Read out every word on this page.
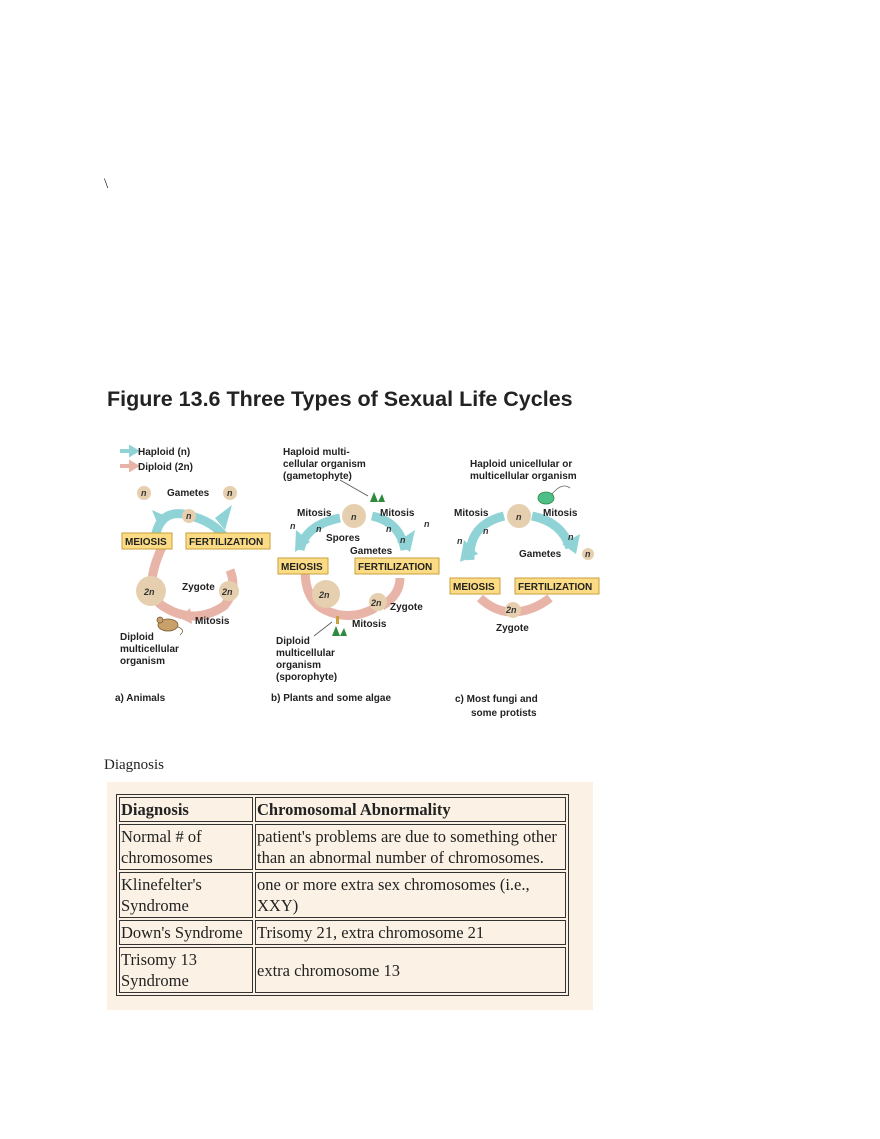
\
Figure 13.6 Three Types of Sexual Life Cycles
Haploid (n)
Diploid (2n)
n	n
n
Gametes
MEIOSIS FERTILIZATION
2n	2n
Zygote
Mitosis
Diploid
multicellular
organism
a) Animals
Haploid multi-
cellular organism
(gametophyte)
n
Mitosis	Mitosis
n n	n	n
n
Spores
Gametes
MEIOSIS	FERTILIZATION
2n
2n Zygote
Mitosis
Diploid
multicellular
organism
(sporophyte)
b) Plants and some algae
Haploid unicellular or
multicellular organism
n
Mitosis	Mitosis
n
n	n
n
Gametes
MEIOSIS FERTILIZATION
2n
Zygote
c) Most fungi and
some protists
Diagnosis
Diagnosis	Chromosomal Abnormality
Normal # of chromosomes	patient's problems are due to something other than an abnormal number of chromosomes.
Klinefelter's Syndrome	one or more extra sex chromosomes (i.e., XXY)
Down's Syndrome	Trisomy 21, extra chromosome 21
Trisomy 13 Syndrome	extra chromosome 13
